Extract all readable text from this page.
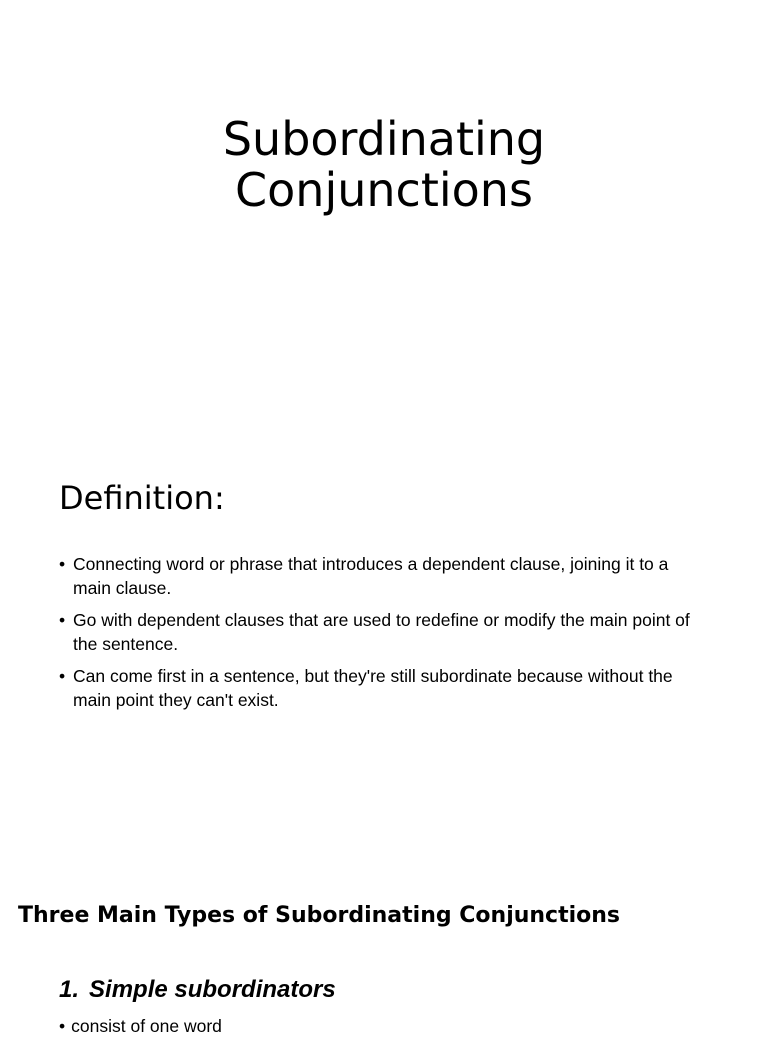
Subordinating
Conjunctions
Definition:
• Connecting word or phrase that introduces a dependent clause, joining it to a main clause.
• Go with dependent clauses that are used to redefine or modify the main point of the sentence.
• Can come first in a sentence, but they're still subordinate because without the main point they can't exist.
Three Main Types of Subordinating Conjunctions
1. Simple subordinators

• consist of one word
